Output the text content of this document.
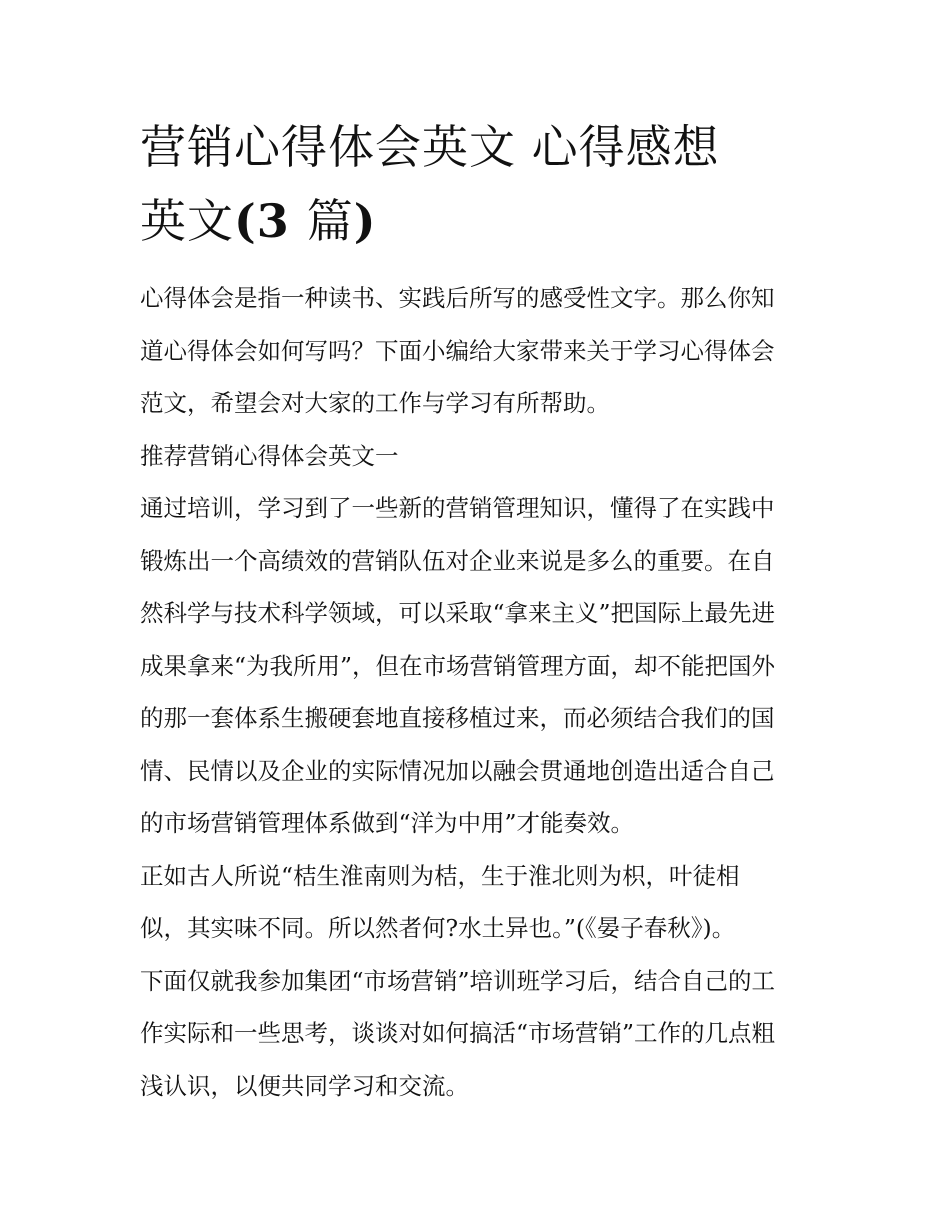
营销心得体会英文 心得感想
英文(3 篇)
心得体会是指一种读书、实践后所写的感受性文字。那么你知
道心得体会如何写吗？下面小编给大家带来关于学习心得体会
范文，希望会对大家的工作与学习有所帮助。
推荐营销心得体会英文一
通过培训，学习到了一些新的营销管理知识，懂得了在实践中
锻炼出一个高绩效的营销队伍对企业来说是多么的重要。在自
然科学与技术科学领域，可以采取“拿来主义”把国际上最先进
成果拿来“为我所用”，但在市场营销管理方面，却不能把国外
的那一套体系生搬硬套地直接移植过来，而必须结合我们的国
情、民情以及企业的实际情况加以融会贯通地创造出适合自己
的市场营销管理体系做到“洋为中用”才能奏效。
正如古人所说“桔生淮南则为桔，生于淮北则为枳，叶徒相
似，其实味不同。所以然者何?水土异也。”(《晏子春秋》)。
下面仅就我参加集团“市场营销”培训班学习后，结合自己的工
作实际和一些思考，谈谈对如何搞活“市场营销”工作的几点粗
浅认识，以便共同学习和交流。
